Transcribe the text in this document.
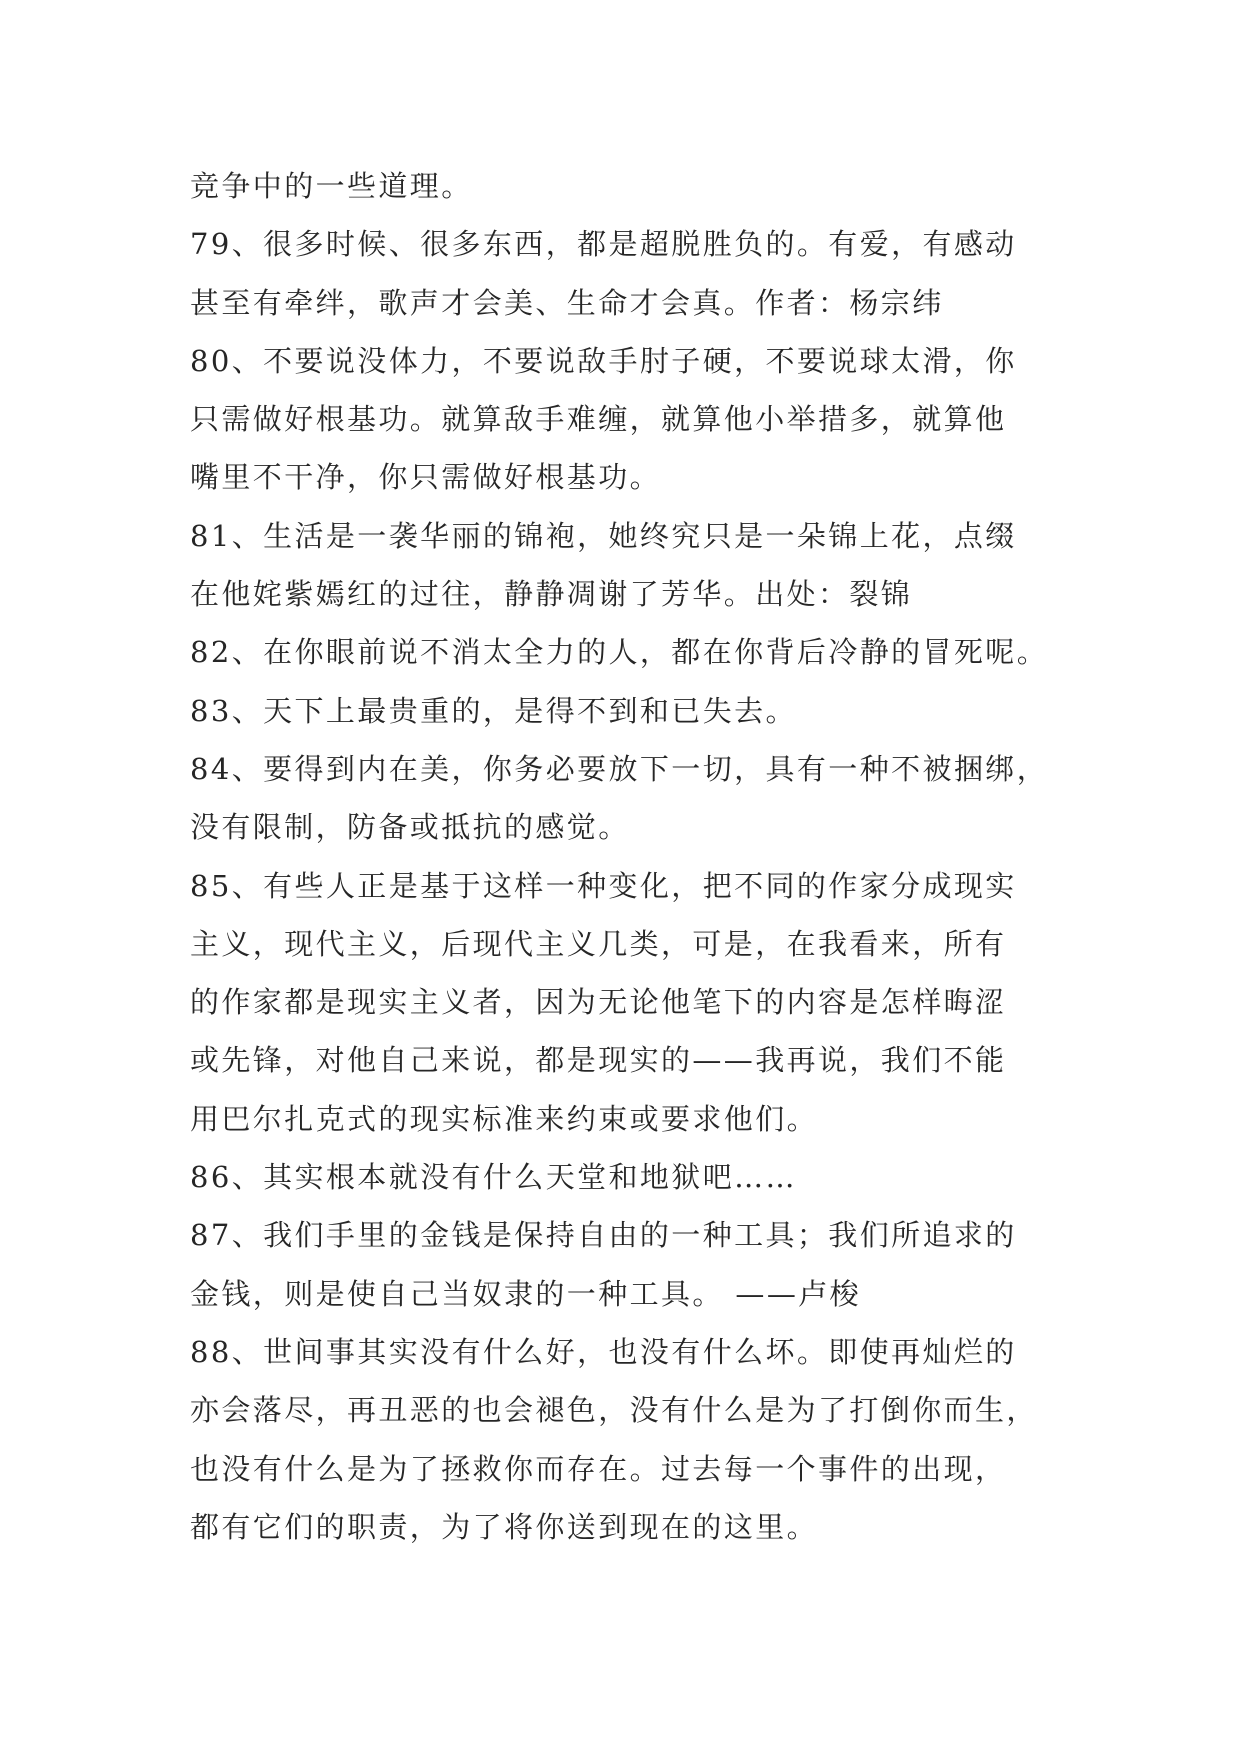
竞争中的一些道理。
79、很多时候、很多东西，都是超脱胜负的。有爱，有感动
甚至有牵绊，歌声才会美、生命才会真。作者：杨宗纬
80、不要说没体力，不要说敌手肘子硬，不要说球太滑，你
只需做好根基功。就算敌手难缠，就算他小举措多，就算他
嘴里不干净，你只需做好根基功。
81、生活是一袭华丽的锦袍，她终究只是一朵锦上花，点缀
在他姹紫嫣红的过往，静静凋谢了芳华。出处：裂锦
82、在你眼前说不消太全力的人，都在你背后冷静的冒死呢。
83、天下上最贵重的，是得不到和已失去。
84、要得到内在美，你务必要放下一切，具有一种不被捆绑，
没有限制，防备或抵抗的感觉。
85、有些人正是基于这样一种变化，把不同的作家分成现实
主义，现代主义，后现代主义几类，可是，在我看来，所有
的作家都是现实主义者，因为无论他笔下的内容是怎样晦涩
或先锋，对他自己来说，都是现实的——我再说，我们不能
用巴尔扎克式的现实标准来约束或要求他们。
86、其实根本就没有什么天堂和地狱吧……
87、我们手里的金钱是保持自由的一种工具；我们所追求的
金钱，则是使自己当奴隶的一种工具。 ——卢梭
88、世间事其实没有什么好，也没有什么坏。即使再灿烂的
亦会落尽，再丑恶的也会褪色，没有什么是为了打倒你而生，
也没有什么是为了拯救你而存在。过去每一个事件的出现，
都有它们的职责，为了将你送到现在的这里。
